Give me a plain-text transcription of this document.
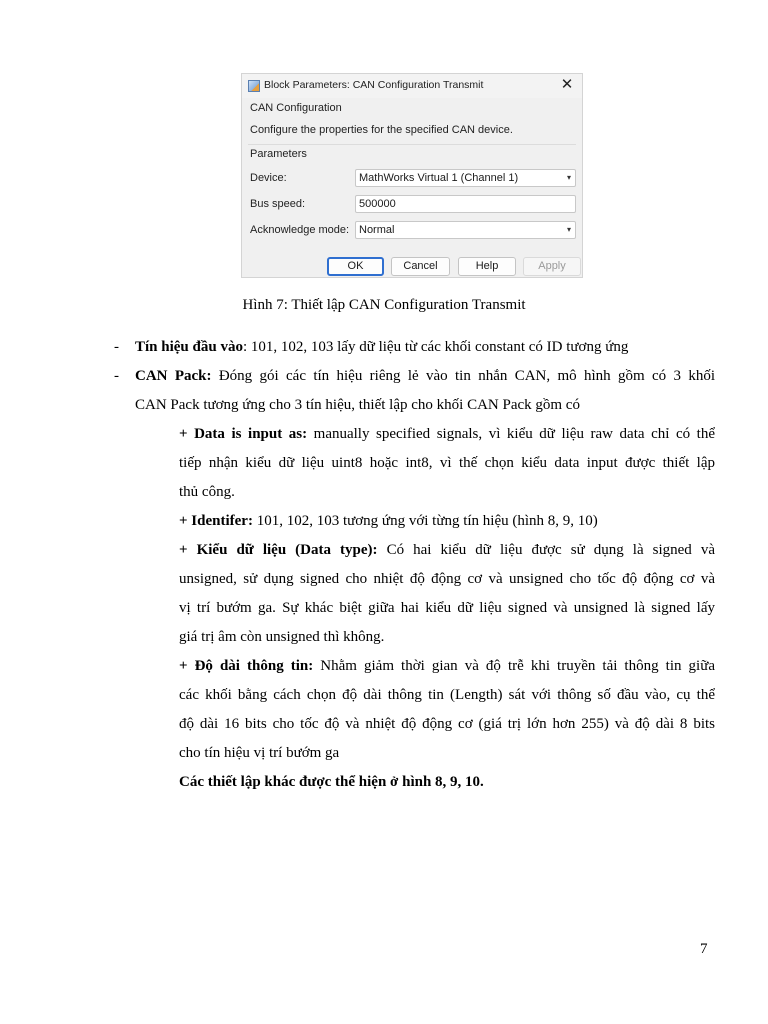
Block Parameters: CAN Configuration Transmit	✕
CAN Configuration
Configure the properties for the specified CAN device.
Parameters
Device:	MathWorks Virtual 1 (Channel 1)	▾
Bus speed:	500000
Acknowledge mode: Normal	▾
OK	Cancel	Help	Apply
Hình 7: Thiết lập CAN Configuration Transmit
- Tín hiệu đầu vào: 101, 102, 103 lấy dữ liệu từ các khối constant có ID tương ứng
- CAN Pack: Đóng gói các tín hiệu riêng lẻ vào tin nhắn CAN, mô hình gồm có 3 khối
CAN Pack tương ứng cho 3 tín hiệu, thiết lập cho khối CAN Pack gồm có
+ Data is input as: manually specified signals, vì kiểu dữ liệu raw data chỉ có thể
tiếp nhận kiểu dữ liệu uint8 hoặc int8, vì thế chọn kiểu data input được thiết lập
thủ công.
+ Identifer: 101, 102, 103 tương ứng với từng tín hiệu (hình 8, 9, 10)
+ Kiểu dữ liệu (Data type): Có hai kiểu dữ liệu được sử dụng là signed và
unsigned, sử dụng signed cho nhiệt độ động cơ và unsigned cho tốc độ động cơ và
vị trí bướm ga. Sự khác biệt giữa hai kiểu dữ liệu signed và unsigned là signed lấy
giá trị âm còn unsigned thì không.
+ Độ dài thông tin: Nhằm giảm thời gian và độ trễ khi truyền tải thông tin giữa
các khối bằng cách chọn độ dài thông tin (Length) sát với thông số đầu vào, cụ thể
độ dài 16 bits cho tốc độ và nhiệt độ động cơ (giá trị lớn hơn 255) và độ dài 8 bits
cho tín hiệu vị trí bướm ga
Các thiết lập khác được thể hiện ở hình 8, 9, 10.
7
